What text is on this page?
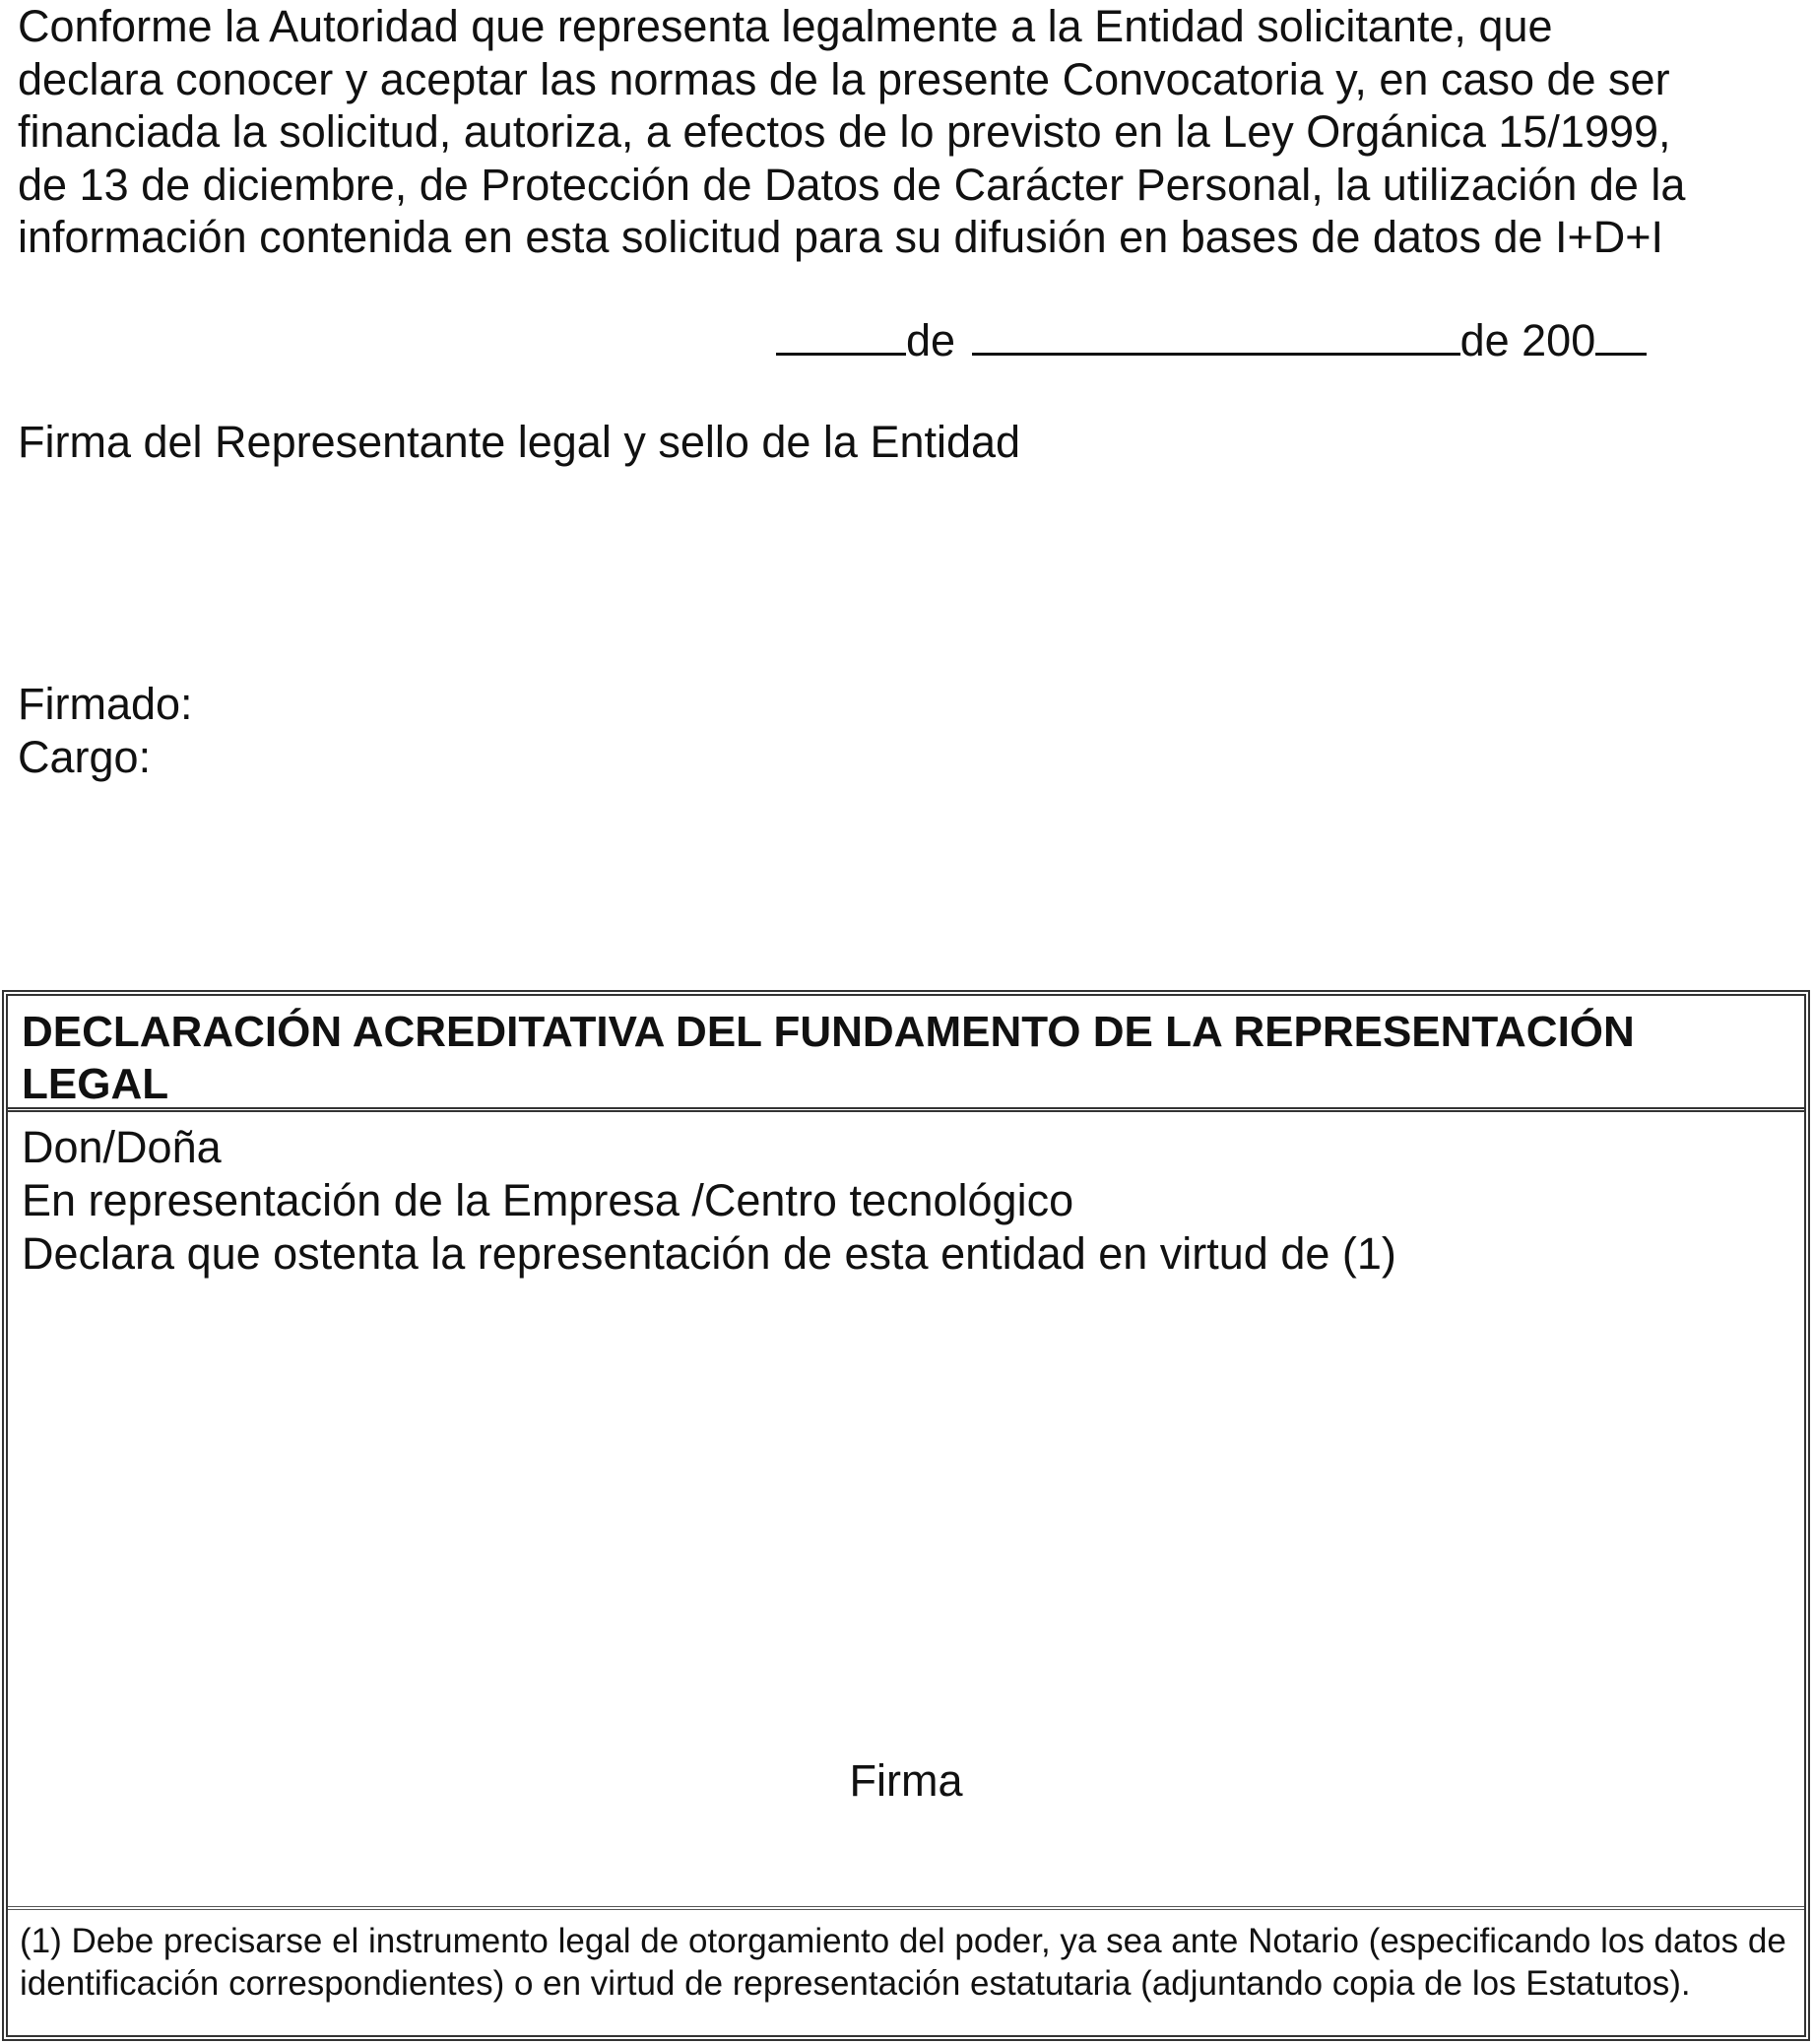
Conforme la Autoridad que representa legalmente a la Entidad solicitante, que
declara conocer y aceptar las normas de la presente Convocatoria y, en caso de ser
financiada la solicitud, autoriza, a efectos de lo previsto en la Ley Orgánica 15/1999,
de 13 de diciembre, de Protección de Datos de Carácter Personal, la utilización de la
información contenida en esta solicitud para su difusión en bases de datos de I+D+I

de	de 200

Firma del Representante legal y sello de la Entidad

Firmado:

Cargo:

DECLARACIÓN ACREDITATIVA DEL FUNDAMENTO DE LA REPRESENTACIÓN LEGAL

Don/Doña

En representación de la Empresa /Centro tecnológico

Declara que ostenta la representación de esta entidad en virtud de (1)

Firma

(1) Debe precisarse el instrumento legal de otorgamiento del poder, ya sea ante Notario (especificando los datos de identificación correspondientes) o en virtud de representación estatutaria (adjuntando copia de los Estatutos).
